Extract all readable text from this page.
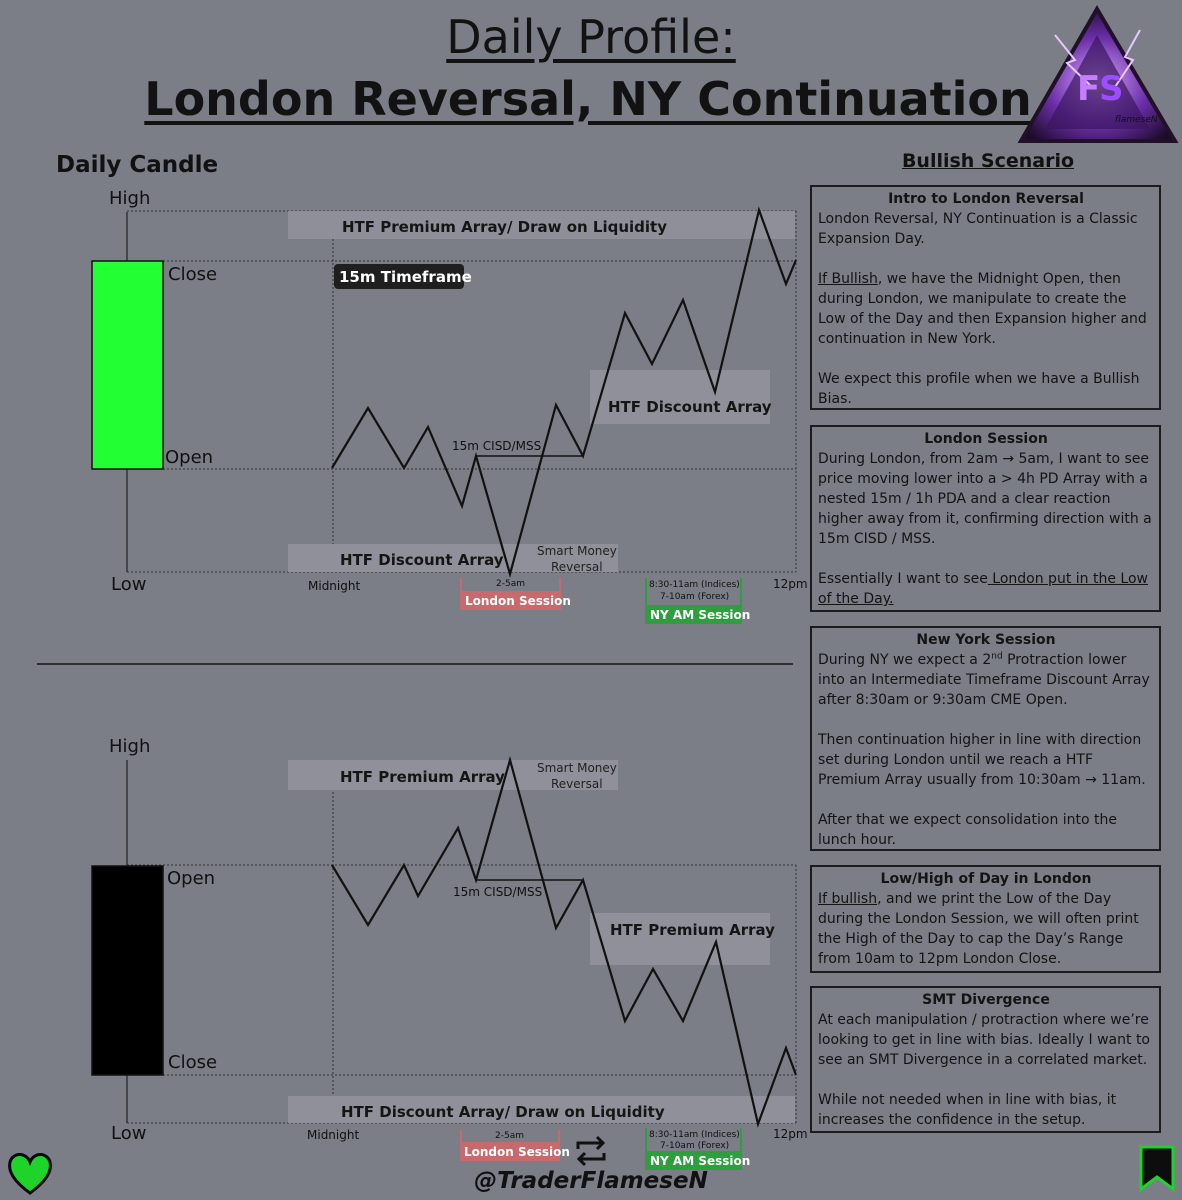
Daily Profile:
London Reversal, NY Continuation	F
S
flameseN
Daily Candle	Bullish Scenario
HTF Premium Array/ Draw on Liquidity
HTF Discount Array
HTF Discount Array
High
Close
Open
Low
15m Timeframe
15m CISD/MSS
Smart Money
Reversal
Midnight	12pm
2-5am
London Session
8:30-11am (Indices)
7-10am (Forex)
NY AM Session
HTF Premium Array
HTF Premium Array
HTF Discount Array/ Draw on Liquidity
High
Open
Close
Low
15m CISD/MSS
Smart Money
Reversal
Midnight	12pm
2-5am
London Session
8:30-11am (Indices)
7-10am (Forex)
NY AM Session
Intro to London Reversal

London Reversal, NY Continuation is a Classic Expansion Day.

If Bullish, we have the Midnight Open, then during London, we manipulate to create the Low of the Day and then Expansion higher and continuation in New York.

We expect this profile when we have a Bullish Bias.

London Session

During London, from 2am → 5am, I want to see price moving lower into a > 4h PD Array with a nested 15m / 1h PDA and a clear reaction higher away from it, confirming direction with a 15m CISD / MSS.

Essentially I want to see London put in the Low of the Day.

New York Session

During NY we expect a 2nd Protraction lower into an Intermediate Timeframe Discount Array after 8:30am or 9:30am CME Open.

Then continuation higher in line with direction set during London until we reach a HTF Premium Array usually from 10:30am → 11am.

After that we expect consolidation into the lunch hour.

Low/High of Day in London

If bullish, and we print the Low of the Day during the London Session, we will often print the High of the Day to cap the Day’s Range from 10am to 12pm London Close.

SMT Divergence

At each manipulation / protraction where we’re looking to get in line with bias. Ideally I want to see an SMT Divergence in a correlated market.

While not needed when in line with bias, it increases the confidence in the setup.

@TraderFlameseN
